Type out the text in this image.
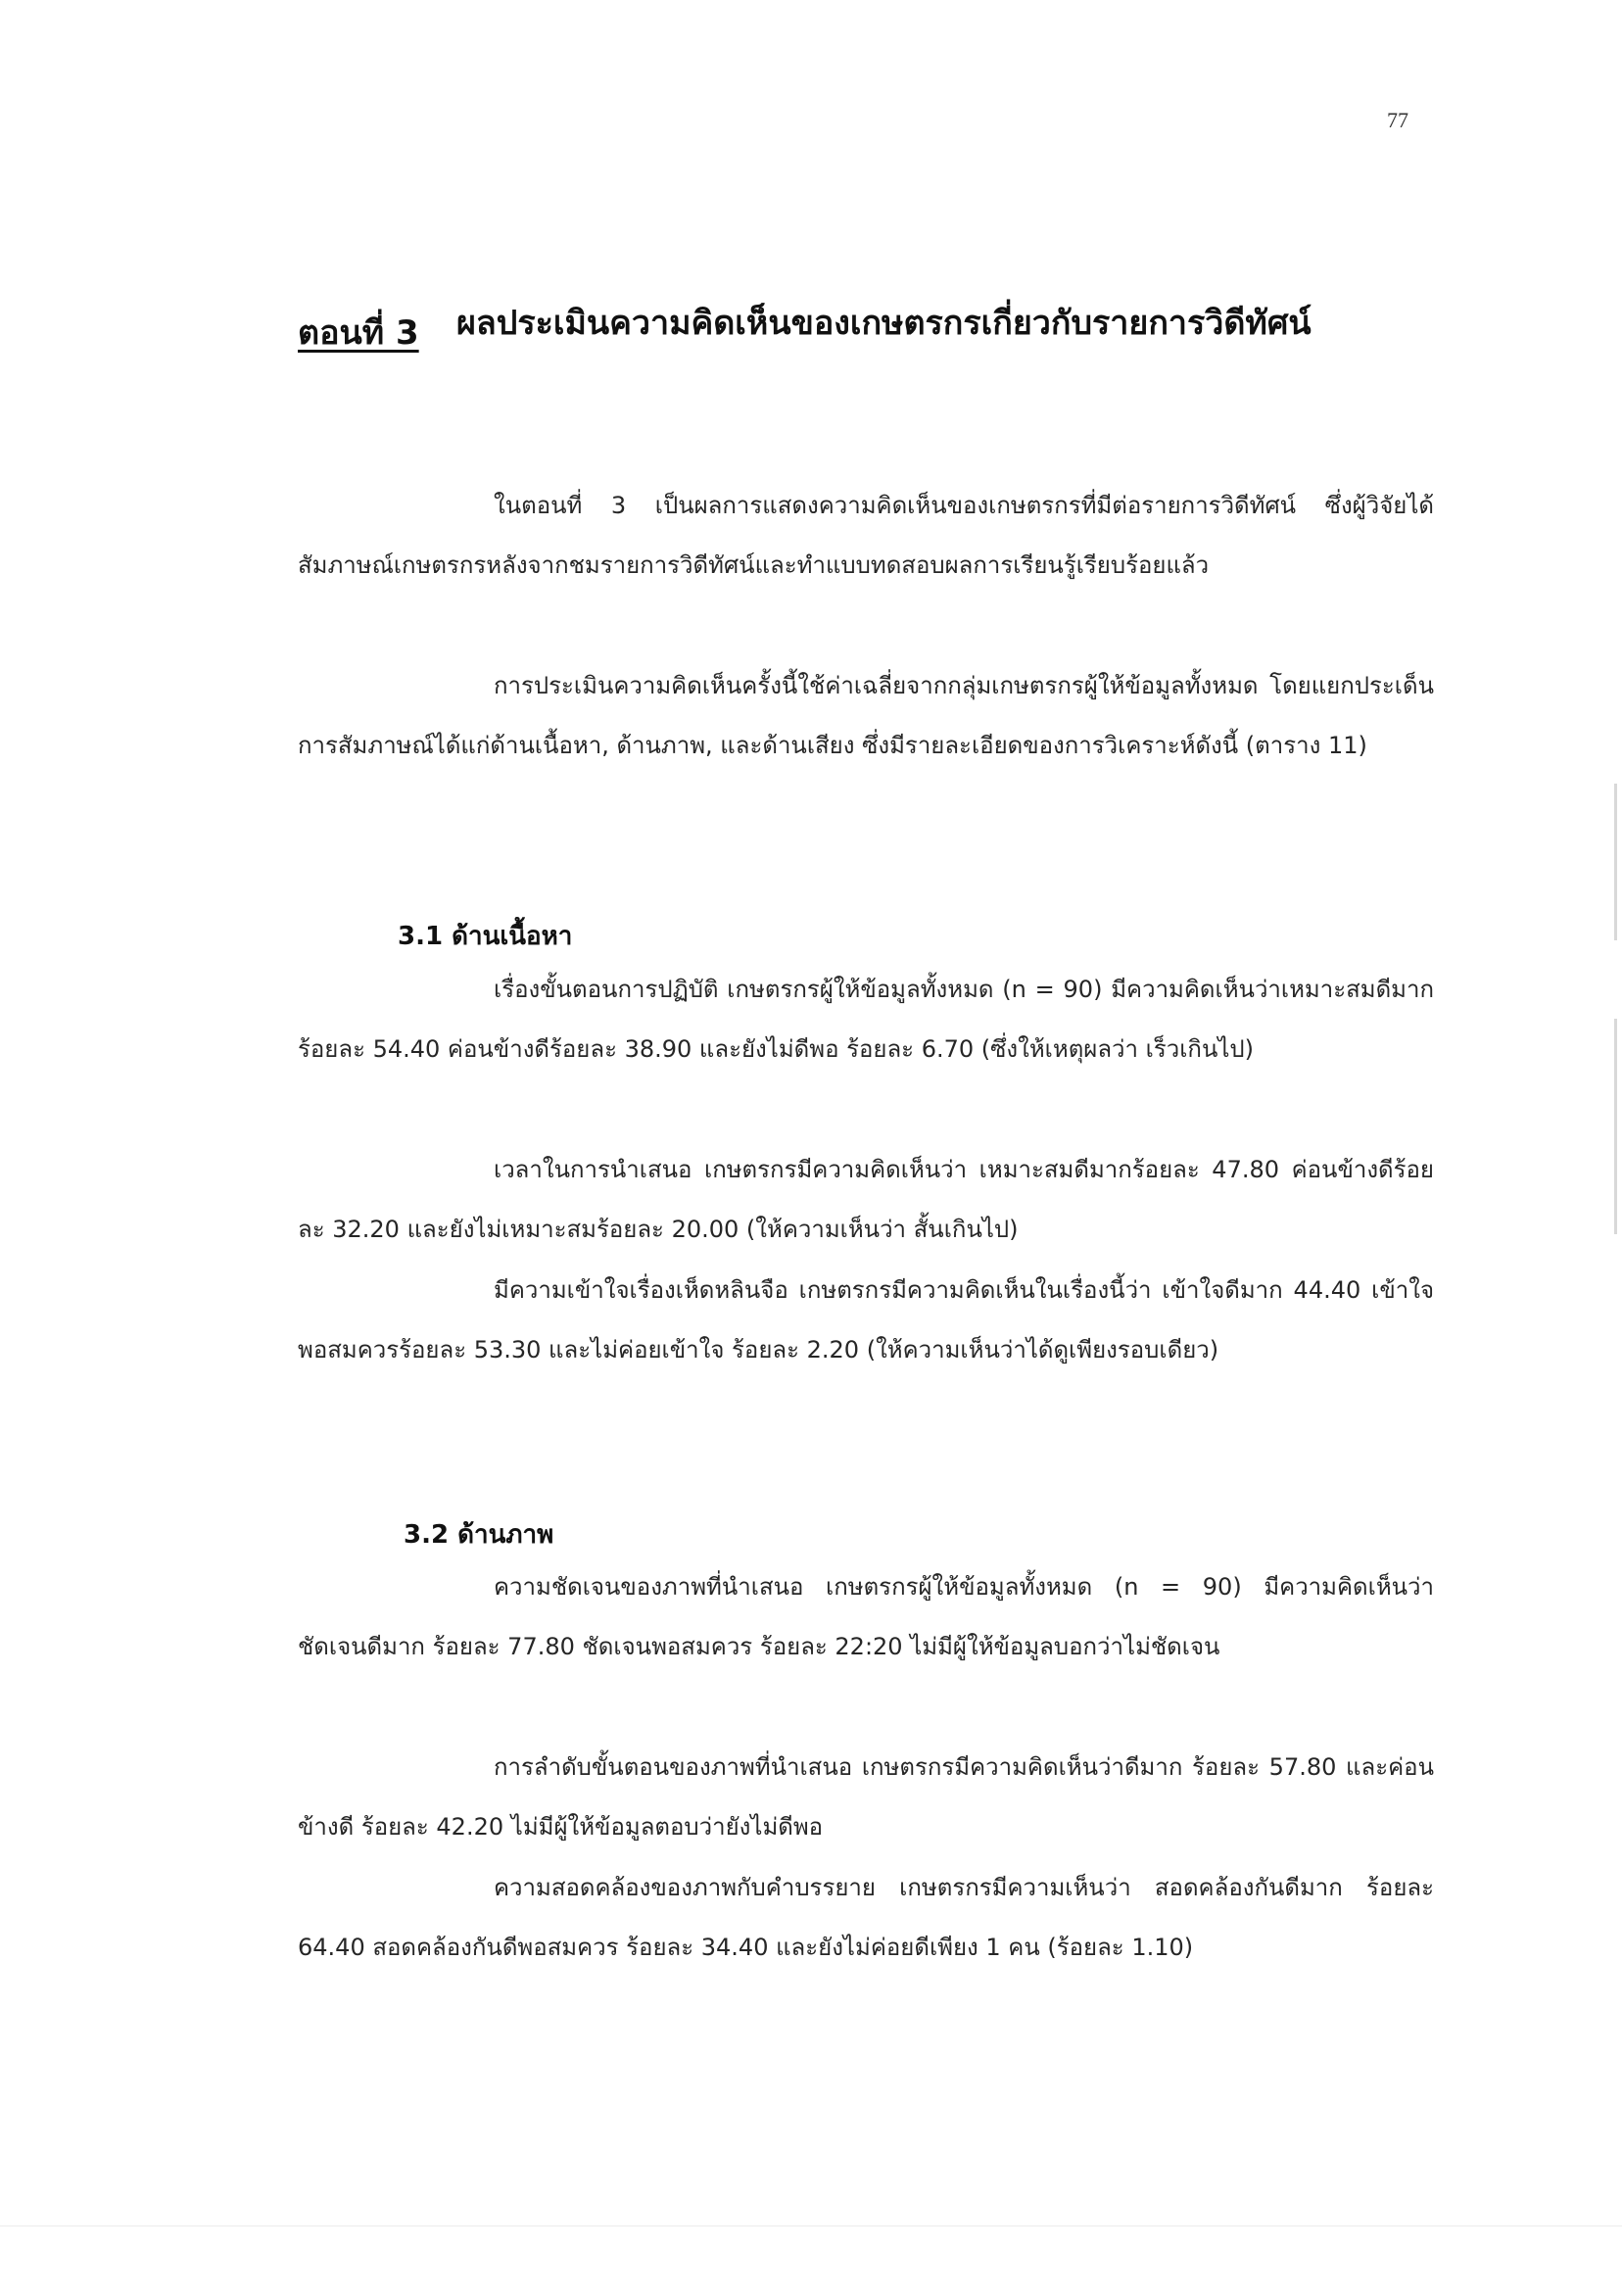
77
ตอนที่ 3 ผลประเมินความคิดเห็นของเกษตรกรเกี่ยวกับรายการวิดีทัศน์

ในตอนที่ 3 เป็นผลการแสดงความคิดเห็นของเกษตรกรที่มีต่อรายการวิดีทัศน์ ซึ่งผู้วิจัยได้สัมภาษณ์เกษตรกรหลังจากชมรายการวิดีทัศน์และทำแบบทดสอบผลการเรียนรู้เรียบร้อยแล้ว

การประเมินความคิดเห็นครั้งนี้ใช้ค่าเฉลี่ยจากกลุ่มเกษตรกรผู้ให้ข้อมูลทั้งหมด โดยแยกประเด็นการสัมภาษณ์ได้แก่ด้านเนื้อหา, ด้านภาพ, และด้านเสียง ซึ่งมีรายละเอียดของการวิเคราะห์ดังนี้ (ตาราง 11)

3.1 ด้านเนื้อหา

เรื่องขั้นตอนการปฏิบัติ เกษตรกรผู้ให้ข้อมูลทั้งหมด (n = 90) มีความคิดเห็นว่าเหมาะสมดีมากร้อยละ 54.40 ค่อนข้างดีร้อยละ 38.90 และยังไม่ดีพอ ร้อยละ 6.70 (ซึ่งให้เหตุผลว่า เร็วเกินไป)

เวลาในการนำเสนอ เกษตรกรมีความคิดเห็นว่า เหมาะสมดีมากร้อยละ 47.80 ค่อนข้างดีร้อยละ 32.20 และยังไม่เหมาะสมร้อยละ 20.00 (ให้ความเห็นว่า สั้นเกินไป)

มีความเข้าใจเรื่องเห็ดหลินจือ เกษตรกรมีความคิดเห็นในเรื่องนี้ว่า เข้าใจดีมาก 44.40 เข้าใจพอสมควรร้อยละ 53.30 และไม่ค่อยเข้าใจ ร้อยละ 2.20 (ให้ความเห็นว่าได้ดูเพียงรอบเดียว)

3.2 ด้านภาพ

ความชัดเจนของภาพที่นำเสนอ เกษตรกรผู้ให้ข้อมูลทั้งหมด (n = 90) มีความคิดเห็นว่า ชัดเจนดีมาก ร้อยละ 77.80 ชัดเจนพอสมควร ร้อยละ 22:20 ไม่มีผู้ให้ข้อมูลบอกว่าไม่ชัดเจน

การลำดับขั้นตอนของภาพที่นำเสนอ เกษตรกรมีความคิดเห็นว่าดีมาก ร้อยละ 57.80 และค่อนข้างดี ร้อยละ 42.20 ไม่มีผู้ให้ข้อมูลตอบว่ายังไม่ดีพอ

ความสอดคล้องของภาพกับคำบรรยาย เกษตรกรมีความเห็นว่า สอดคล้องกันดีมาก ร้อยละ 64.40 สอดคล้องกันดีพอสมควร ร้อยละ 34.40 และยังไม่ค่อยดีเพียง 1 คน (ร้อยละ 1.10)
